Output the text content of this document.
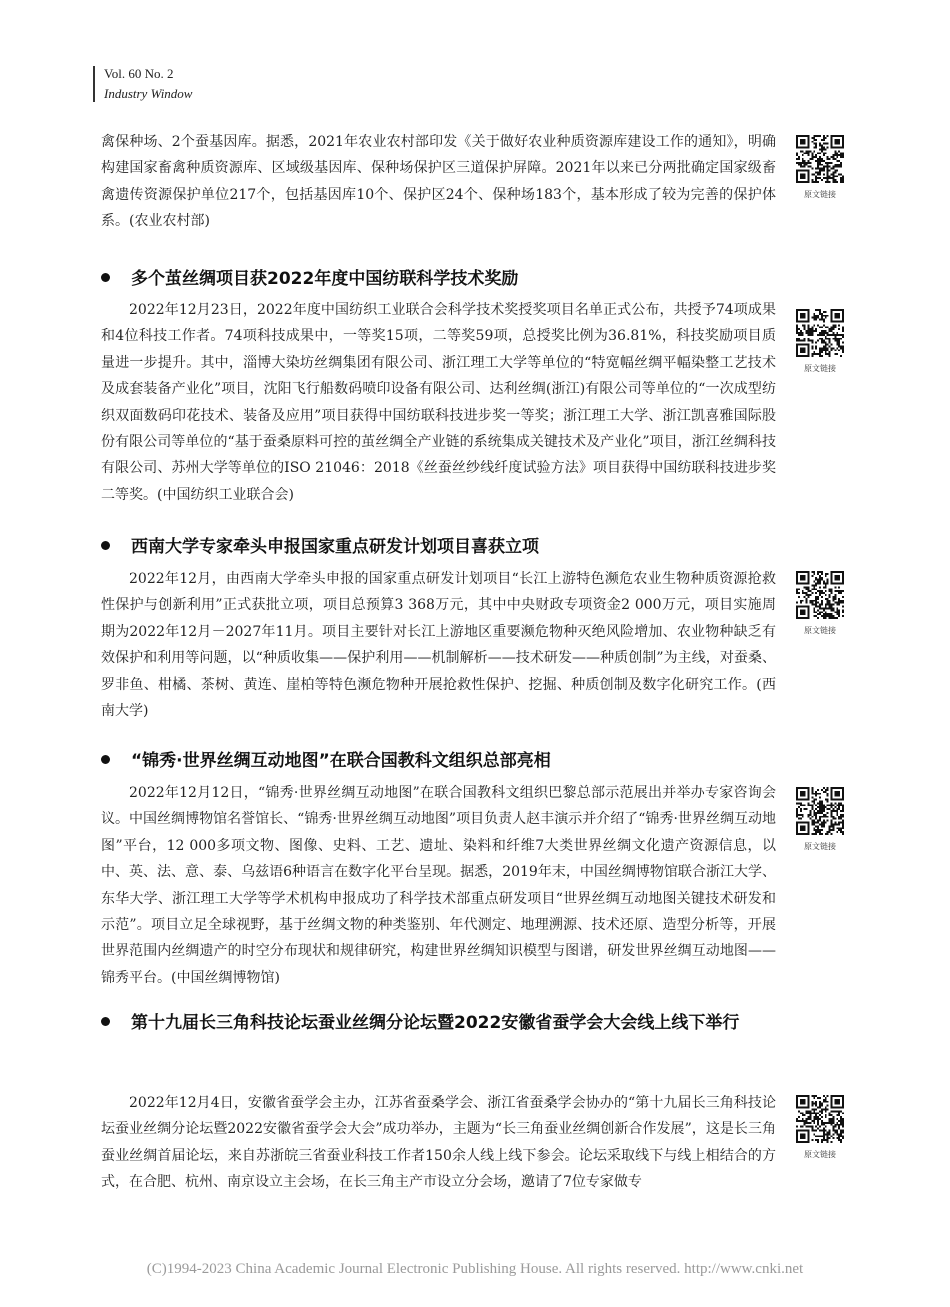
Vol. 60 No. 2
Industry Window

禽保种场、2个蚕基因库。据悉，2021年农业农村部印发《关于做好农业种质资源库建设工作的通知》，明确构建国家畜禽种质资源库、区域级基因库、保种场保护区三道保护屏障。2021年以来已分两批确定国家级畜禽遗传资源保护单位217个，包括基因库10个、保护区24个、保种场183个，基本形成了较为完善的保护体系。(农业农村部)

多个茧丝绸项目获2022年度中国纺联科学技术奖励

2022年12月23日，2022年度中国纺织工业联合会科学技术奖授奖项目名单正式公布，共授予74项成果和4位科技工作者。74项科技成果中，一等奖15项，二等奖59项，总授奖比例为36.81%，科技奖励项目质量进一步提升。其中，淄博大染坊丝绸集团有限公司、浙江理工大学等单位的“特宽幅丝绸平幅染整工艺技术及成套装备产业化”项目，沈阳飞行船数码喷印设备有限公司、达利丝绸(浙江)有限公司等单位的“一次成型纺织双面数码印花技术、装备及应用”项目获得中国纺联科技进步奖一等奖；浙江理工大学、浙江凯喜雅国际股份有限公司等单位的“基于蚕桑原料可控的茧丝绸全产业链的系统集成关键技术及产业化”项目，浙江丝绸科技有限公司、苏州大学等单位的ISO 21046：2018《丝蚕丝纱线纤度试验方法》项目获得中国纺联科技进步奖二等奖。(中国纺织工业联合会)

西南大学专家牵头申报国家重点研发计划项目喜获立项

2022年12月，由西南大学牵头申报的国家重点研发计划项目“长江上游特色濒危农业生物种质资源抢救性保护与创新利用”正式获批立项，项目总预算3 368万元，其中中央财政专项资金2 000万元，项目实施周期为2022年12月－2027年11月。项目主要针对长江上游地区重要濒危物种灭绝风险增加、农业物种缺乏有效保护和利用等问题，以“种质收集——保护利用——机制解析——技术研发——种质创制”为主线，对蚕桑、罗非鱼、柑橘、茶树、黄连、崖柏等特色濒危物种开展抢救性保护、挖掘、种质创制及数字化研究工作。(西南大学)

“锦秀·世界丝绸互动地图”在联合国教科文组织总部亮相

2022年12月12日，“锦秀·世界丝绸互动地图”在联合国教科文组织巴黎总部示范展出并举办专家咨询会议。中国丝绸博物馆名誉馆长、“锦秀·世界丝绸互动地图”项目负责人赵丰演示并介绍了“锦秀·世界丝绸互动地图”平台，12 000多项文物、图像、史料、工艺、遗址、染料和纤维7大类世界丝绸文化遗产资源信息，以中、英、法、意、泰、乌兹语6种语言在数字化平台呈现。据悉，2019年末，中国丝绸博物馆联合浙江大学、东华大学、浙江理工大学等学术机构申报成功了科学技术部重点研发项目“世界丝绸互动地图关键技术研发和示范”。项目立足全球视野，基于丝绸文物的种类鉴别、年代测定、地理溯源、技术还原、造型分析等，开展世界范围内丝绸遗产的时空分布现状和规律研究，构建世界丝绸知识模型与图谱，研发世界丝绸互动地图——锦秀平台。(中国丝绸博物馆)

第十九届长三角科技论坛蚕业丝绸分论坛暨2022安徽省蚕学会大会线上线下举行

2022年12月4日，安徽省蚕学会主办，江苏省蚕桑学会、浙江省蚕桑学会协办的“第十九届长三角科技论坛蚕业丝绸分论坛暨2022安徽省蚕学会大会”成功举办，主题为“长三角蚕业丝绸创新合作发展”，这是长三角蚕业丝绸首届论坛，来自苏浙皖三省蚕业科技工作者150余人线上线下参会。论坛采取线下与线上相结合的方式，在合肥、杭州、南京设立主会场，在长三角主产市设立分会场，邀请了7位专家做专

原文链接
原文链接
原文链接
原文链接
原文链接
(C)1994-2023 China Academic Journal Electronic Publishing House. All rights reserved. http://www.cnki.net
